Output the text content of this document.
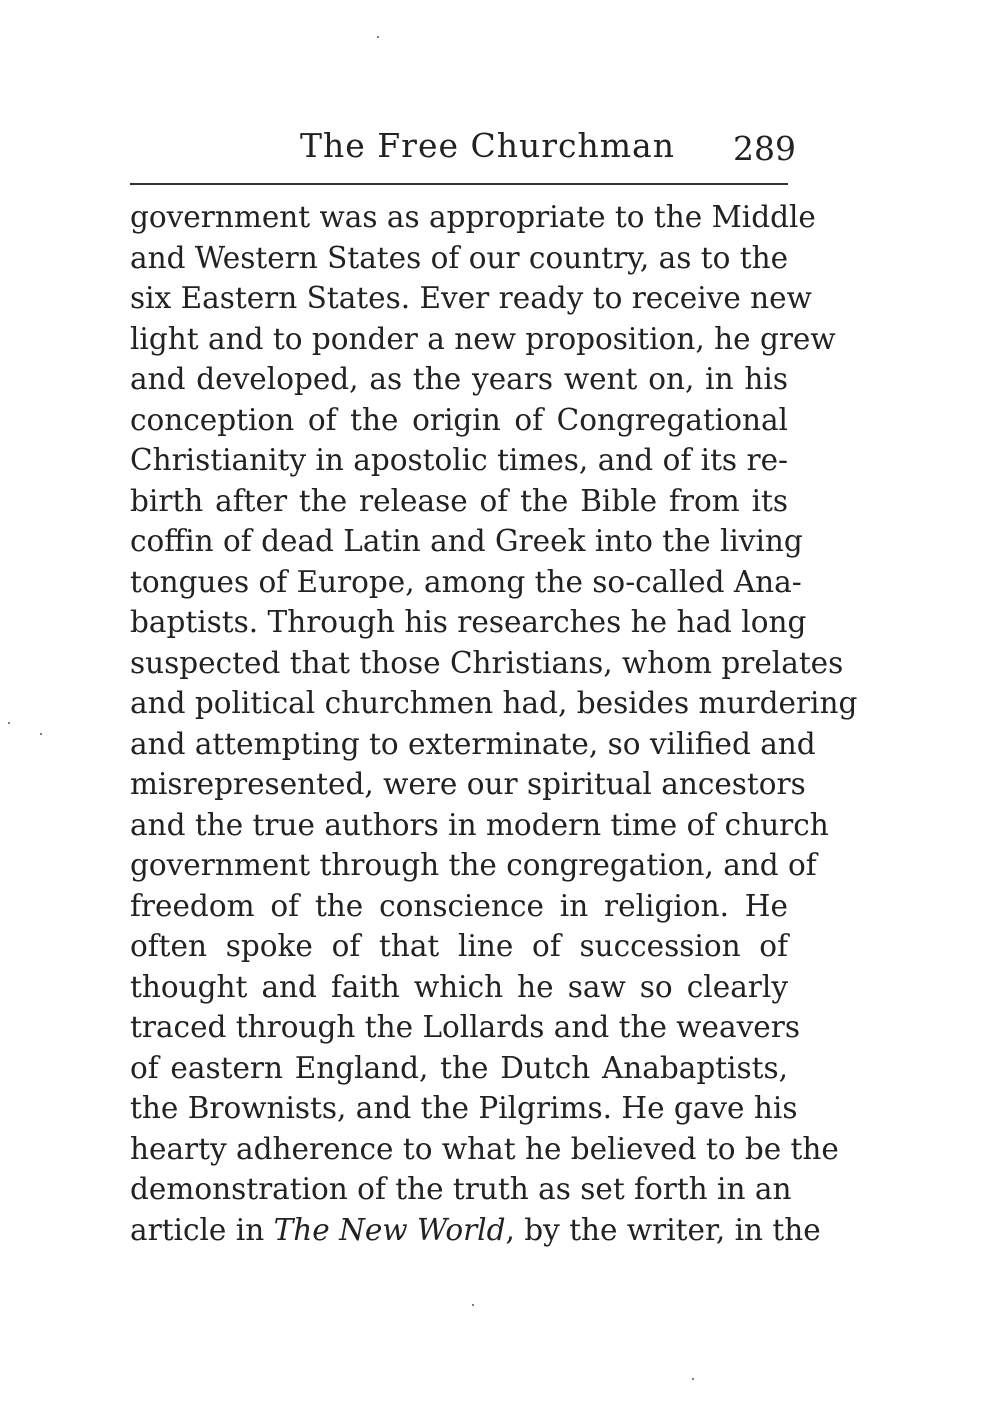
The Free Churchman 289
government was as appropriate to the Middle
and Western States of our country, as to the
six Eastern States. Ever ready to receive new
light and to ponder a new proposition, he grew
and developed, as the years went on, in his
conception of the origin of Congregational
Christianity in apostolic times, and of its re-
birth after the release of the Bible from its
coffin of dead Latin and Greek into the living
tongues of Europe, among the so-called Ana-
baptists. Through his researches he had long
suspected that those Christians, whom prelates
and political churchmen had, besides murdering
and attempting to exterminate, so vilified and
misrepresented, were our spiritual ancestors
and the true authors in modern time of church
government through the congregation, and of
freedom of the conscience in religion. He
often spoke of that line of succession of
thought and faith which he saw so clearly
traced through the Lollards and the weavers
of eastern England, the Dutch Anabaptists,
the Brownists, and the Pilgrims. He gave his
hearty adherence to what he believed to be the
demonstration of the truth as set forth in an
article in The New World, by the writer, in the
